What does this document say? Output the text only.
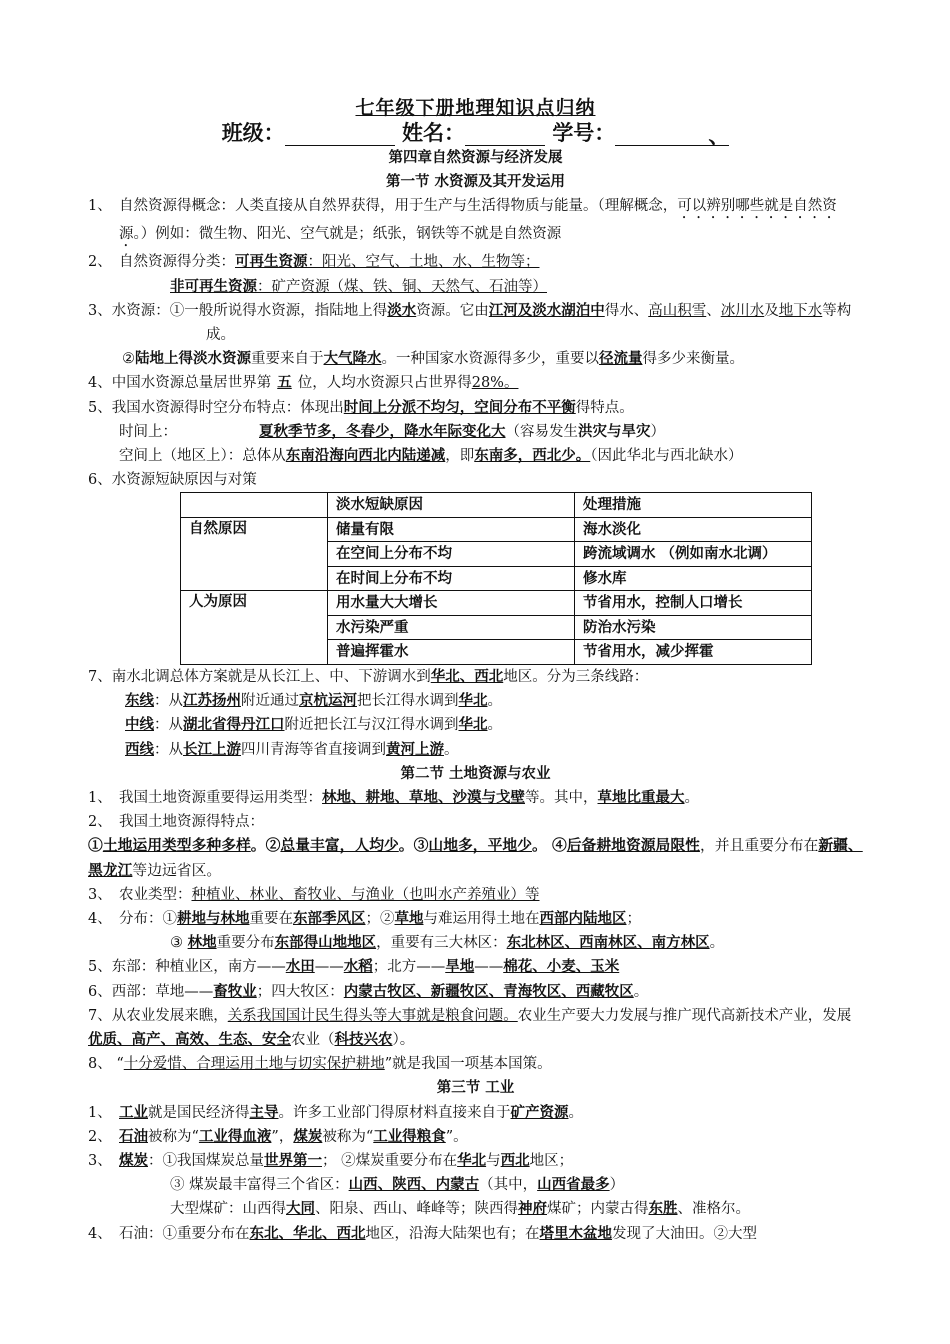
七年级下册地理知识点归纳
班级：	姓名：	学号：	、
第四章自然资源与经济发展
第一节 水资源及其开发运用
1、 自然资源得概念：人类直接从自然界获得，用于生产与生活得物质与能量。（理解概念，可以辨别哪些就是自然资源。）例如：微生物、阳光、空气就是；纸张，钢铁等不就是自然资源
2、 自然资源得分类：可再生资源：阳光、空气、土地、水、生物等；
非可再生资源：矿产资源（煤、铁、铜、天然气、石油等）
3、水资源：①一般所说得水资源，指陆地上得淡水资源。它由江河及淡水湖泊中得水、高山积雪、冰川水及地下水等构成。
②陆地上得淡水资源重要来自于大气降水。一种国家水资源得多少，重要以径流量得多少来衡量。
4、中国水资源总量居世界第 五 位，人均水资源只占世界得28%。
5、我国水资源得时空分布特点：体现出时间上分派不均匀，空间分布不平衡得特点。
时间上：	夏秋季节多，冬春少，降水年际变化大（容易发生洪灾与旱灾）
空间上（地区上）：总体从东南沿海向西北内陆递减，即东南多，西北少。（因此华北与西北缺水）
6、水资源短缺原因与对策
	淡水短缺原因	处理措施
自然原因	储量有限	海水淡化
	在空间上分布不均	跨流域调水 （例如南水北调）
	在时间上分布不均	修水库
人为原因	用水量大大增长	节省用水，控制人口增长
	水污染严重	防治水污染
	普遍挥霍水	节省用水，减少挥霍
7、南水北调总体方案就是从长江上、中、下游调水到华北、西北地区。分为三条线路：
东线：从江苏扬州附近通过京杭运河把长江得水调到华北。
中线：从湖北省得丹江口附近把长江与汉江得水调到华北。
西线：从长江上游四川青海等省直接调到黄河上游。
第二节 土地资源与农业
1、 我国土地资源重要得运用类型：林地、耕地、草地、沙漠与戈壁等。其中，草地比重最大。
2、 我国土地资源得特点：
①土地运用类型多种多样。②总量丰富，人均少。③山地多，平地少。 ④后备耕地资源局限性，并且重要分布在新疆、黑龙江等边远省区。
3、 农业类型：种植业、林业、畜牧业、与渔业（也叫水产养殖业）等
4、 分布：①耕地与林地重要在东部季风区；②草地与难运用得土地在西部内陆地区；
③ 林地重要分布东部得山地地区，重要有三大林区：东北林区、西南林区、南方林区。
5、东部：种植业区，南方——水田——水稻；北方——旱地——棉花、小麦、玉米
6、西部：草地——畜牧业；四大牧区：内蒙古牧区、新疆牧区、青海牧区、西藏牧区。
7、从农业发展来瞧，关系我国国计民生得头等大事就是粮食问题。农业生产要大力发展与推广现代高新技术产业，发展优质、高产、高效、生态、安全农业（科技兴农）。
8、 “十分爱惜、合理运用土地与切实保护耕地”就是我国一项基本国策。
第三节 工业
1、 工业就是国民经济得主导。许多工业部门得原材料直接来自于矿产资源。
2、 石油被称为“工业得血液”，煤炭被称为“工业得粮食”。
3、 煤炭：①我国煤炭总量世界第一； ②煤炭重要分布在华北与西北地区；
③ 煤炭最丰富得三个省区：山西、陕西、内蒙古（其中，山西省最多）
大型煤矿：山西得大同、阳泉、西山、峰峰等；陕西得神府煤矿；内蒙古得东胜、准格尔。
4、 石油：①重要分布在东北、华北、西北地区，沿海大陆架也有；在塔里木盆地发现了大油田。②大型
